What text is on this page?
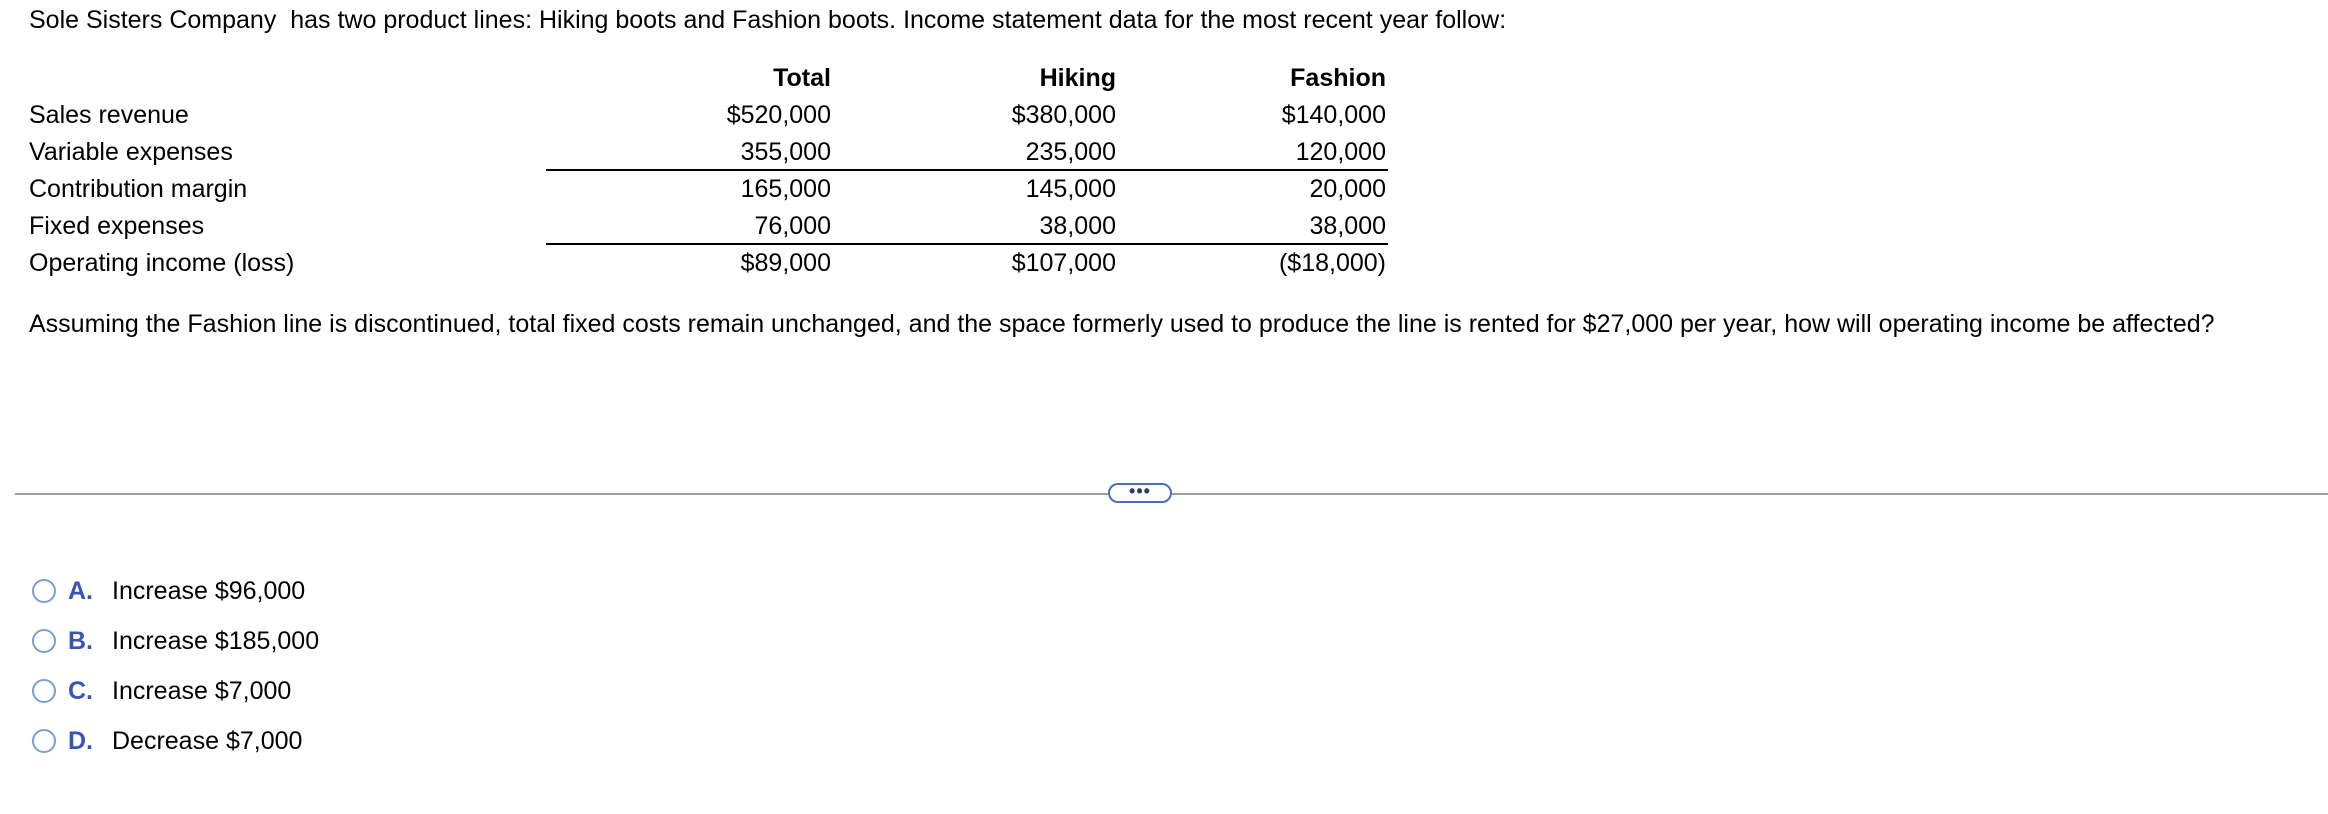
Sole Sisters Company  has two product lines: Hiking boots and Fashion boots. Income statement data for the most recent year follow:
Total	Hiking	Fashion
Sales revenue	$520,000	$380,000	$140,000
Variable expenses	355,000	235,000	120,000
Contribution margin	165,000	145,000	20,000
Fixed expenses	76,000	38,000	38,000
Operating income (loss)	$89,000	$107,000	($18,000)
Assuming the Fashion line is discontinued, total fixed costs remain unchanged, and the space formerly used to produce the line is rented for $27,000 per year, how will operating income be affected?
•••
A. Increase $96,000
B. Increase $185,000
C. Increase $7,000
D. Decrease $7,000
